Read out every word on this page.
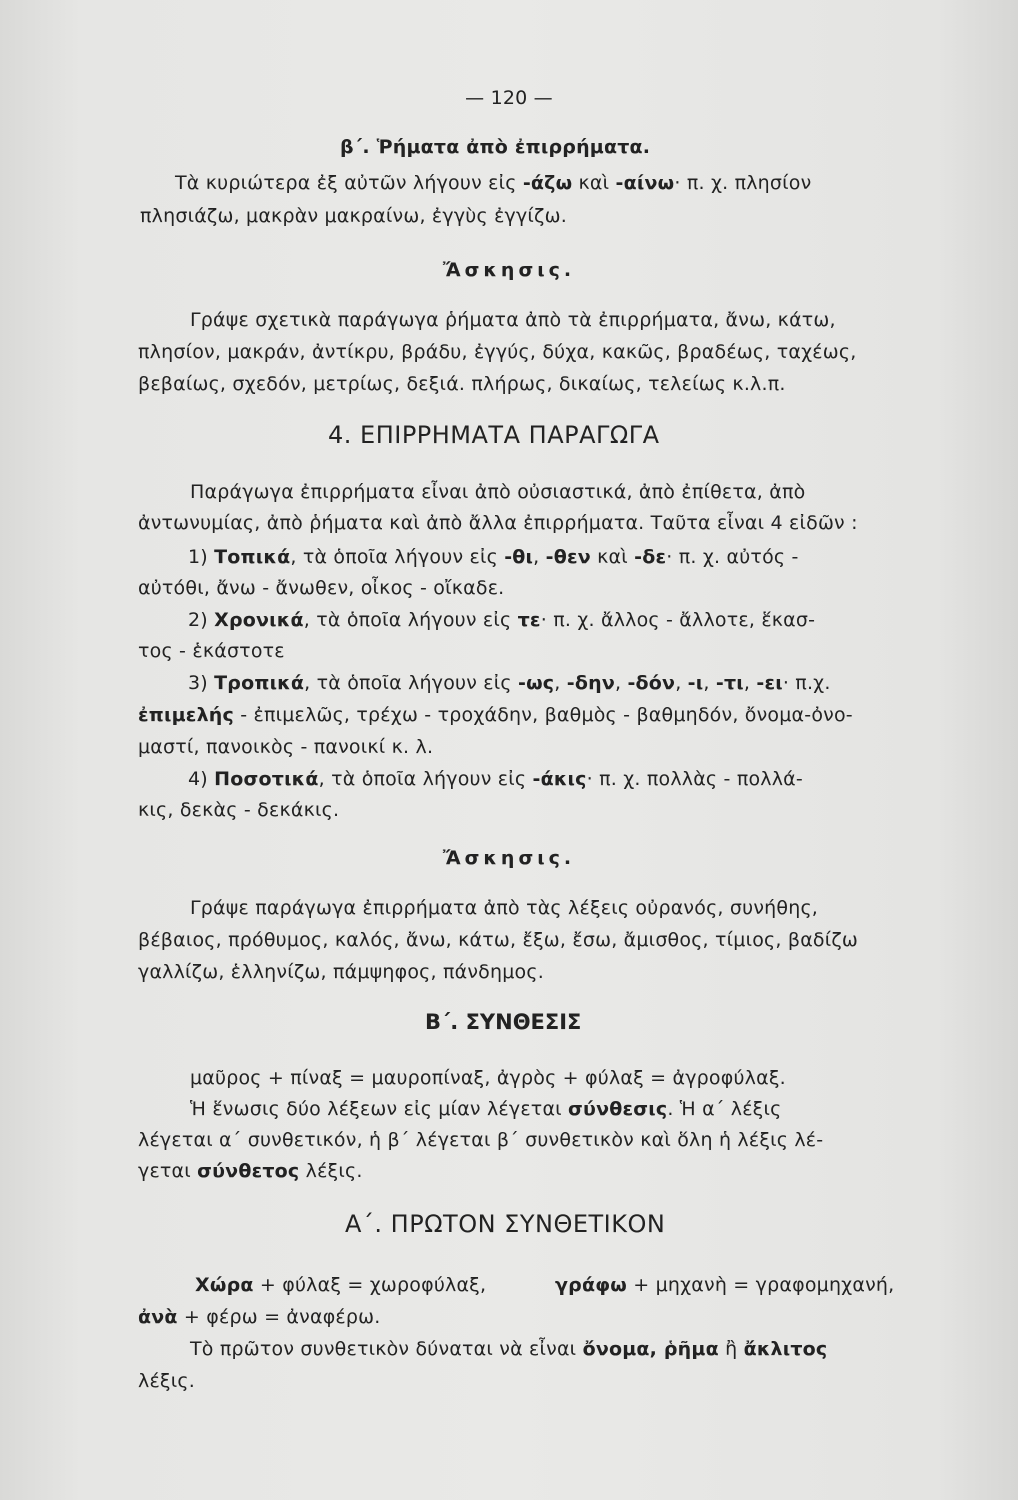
— 120 —
β΄. Ῥήματα ἀπὸ ἐπιρρήματα.
Τὰ κυριώτερα ἐξ αὐτῶν λήγουν εἰς -άζω καὶ -αίνω· π. χ. πλησίον
πλησιάζω, μακρὰν μακραίνω, ἐγγὺς ἐγγίζω.
Ἄσκησις.
Γράψε σχετικὰ παράγωγα ῥήματα ἀπὸ τὰ ἐπιρρήματα, ἄνω, κάτω,
πλησίον, μακράν, ἀντίκρυ, βράδυ, ἐγγύς, δύχα, κακῶς, βραδέως, ταχέως,
βεβαίως, σχεδόν, μετρίως, δεξιά. πλήρως, δικαίως, τελείως κ.λ.π.
4. ΕΠΙΡΡΗΜΑΤΑ ΠΑΡΑΓΩΓΑ
Παράγωγα ἐπιρρήματα εἶναι ἀπὸ οὐσιαστικά, ἀπὸ ἐπίθετα, ἀπὸ
ἀντωνυμίας, ἀπὸ ῥήματα καὶ ἀπὸ ἄλλα ἐπιρρήματα. Ταῦτα εἶναι 4 εἰδῶν :
1) Τοπικά, τὰ ὁποῖα λήγουν εἰς -θι, -θεν καὶ -δε· π. χ. αὐτός -
αὐτόθι, ἄνω - ἄνωθεν, οἶκος - οἴκαδε.
2) Χρονικά, τὰ ὁποῖα λήγουν εἰς τε· π. χ. ἄλλος - ἄλλοτε, ἕκασ-
τος - ἑκάστοτε
3) Τροπικά, τὰ ὁποῖα λήγουν εἰς -ως, -δην, -δόν, -ι, -τι, -ει· π.χ.
ἐπιμελής - ἐπιμελῶς, τρέχω - τροχάδην, βαθμὸς - βαθμηδόν, ὄνομα-ὀνο-
μαστί, πανοικὸς - πανοικί κ. λ.
4) Ποσοτικά, τὰ ὁποῖα λήγουν εἰς -άκις· π. χ. πολλὰς - πολλά-
κις, δεκὰς - δεκάκις.
Ἄσκησις.
Γράψε παράγωγα ἐπιρρήματα ἀπὸ τὰς λέξεις οὐρανός, συνήθης,
βέβαιος, πρόθυμος, καλός, ἄνω, κάτω, ἔξω, ἔσω, ἄμισθος, τίμιος, βαδίζω
γαλλίζω, ἑλληνίζω, πάμψηφος, πάνδημος.
Β΄. ΣΥΝΘΕΣΙΣ
μαῦρος + πίναξ = μαυροπίναξ, ἀγρὸς + φύλαξ = ἀγροφύλαξ.
Ἡ ἕνωσις δύο λέξεων εἰς μίαν λέγεται σύνθεσις. Ἡ α΄ λέξις
λέγεται α΄ συνθετικόν, ἡ β΄ λέγεται β΄ συνθετικὸν καὶ ὅλη ἡ λέξις λέ-
γεται σύνθετος λέξις.
Α΄. ΠΡΩΤΟΝ ΣΥΝΘΕΤΙΚΟΝ
Χώρα + φύλαξ = χωροφύλαξ,	γράφω + μηχανὴ = γραφομηχανή,
ἀνὰ + φέρω = ἀναφέρω.
Τὸ πρῶτον συνθετικὸν δύναται νὰ εἶναι ὄνομα, ῥῆμα ἢ ἄκλιτος
λέξις.
